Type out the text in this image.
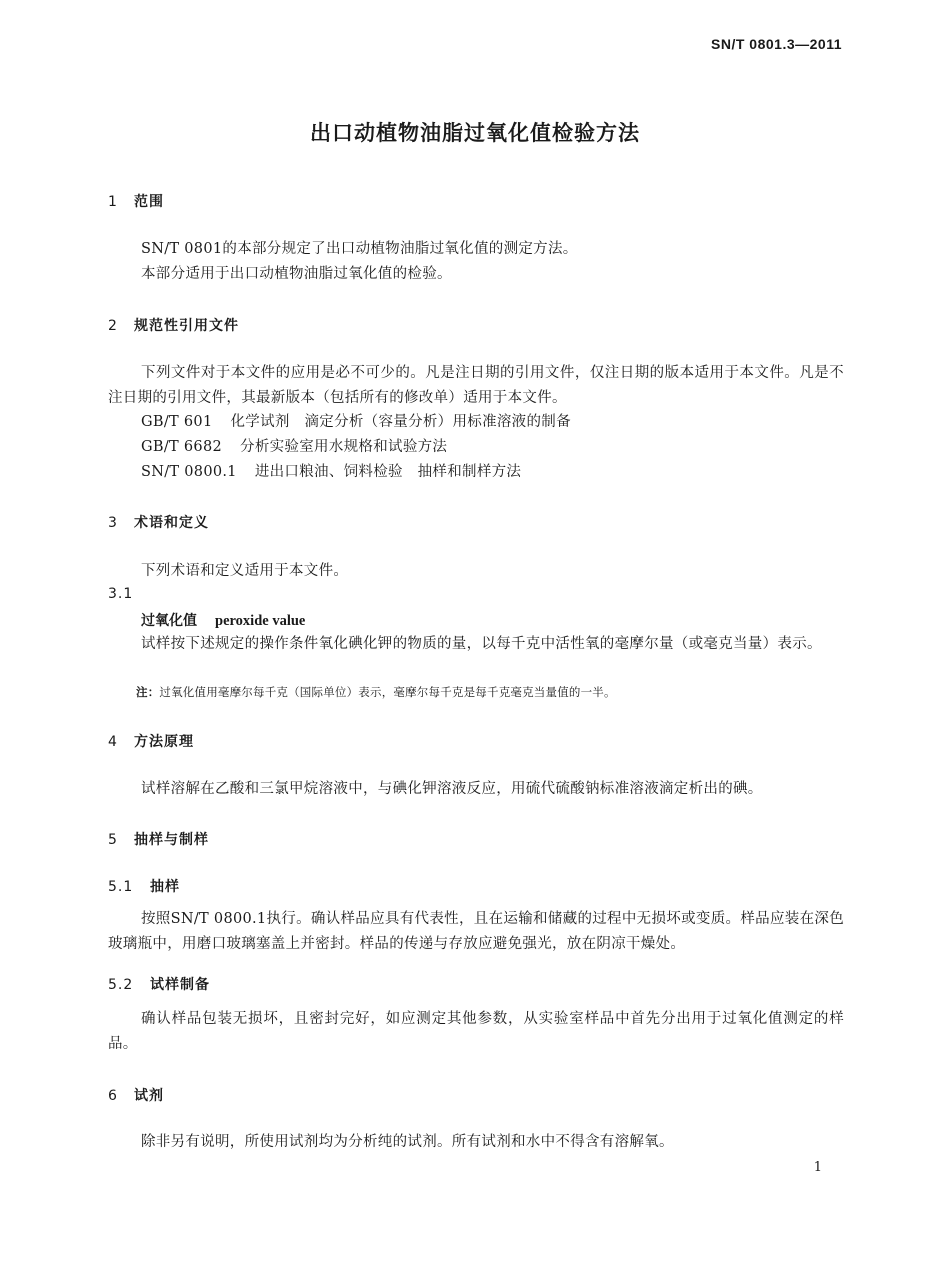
SN/T 0801.3—2011
出口动植物油脂过氧化值检验方法
1 范围
SN/T 0801的本部分规定了出口动植物油脂过氧化值的测定方法。
本部分适用于出口动植物油脂过氧化值的检验。
2 规范性引用文件
下列文件对于本文件的应用是必不可少的。凡是注日期的引用文件，仅注日期的版本适用于本文件。凡是不注日期的引用文件，其最新版本（包括所有的修改单）适用于本文件。
GB/T 601 化学试剂　滴定分析（容量分析）用标准溶液的制备
GB/T 6682 分析实验室用水规格和试验方法
SN/T 0800.1 进出口粮油、饲料检验　抽样和制样方法
3 术语和定义
下列术语和定义适用于本文件。
3.1
过氧化值 peroxide value
试样按下述规定的操作条件氧化碘化钾的物质的量，以每千克中活性氧的毫摩尔量（或毫克当量）表示。
注：过氧化值用毫摩尔每千克（国际单位）表示，毫摩尔每千克是每千克毫克当量值的一半。
4 方法原理
试样溶解在乙酸和三氯甲烷溶液中，与碘化钾溶液反应，用硫代硫酸钠标准溶液滴定析出的碘。
5 抽样与制样
5.1 抽样
按照SN/T 0800.1执行。确认样品应具有代表性，且在运输和储藏的过程中无损坏或变质。样品应装在深色玻璃瓶中，用磨口玻璃塞盖上并密封。样品的传递与存放应避免强光，放在阴凉干燥处。
5.2 试样制备
确认样品包装无损坏，且密封完好，如应测定其他参数，从实验室样品中首先分出用于过氧化值测定的样品。
6 试剂
除非另有说明，所使用试剂均为分析纯的试剂。所有试剂和水中不得含有溶解氧。
1
